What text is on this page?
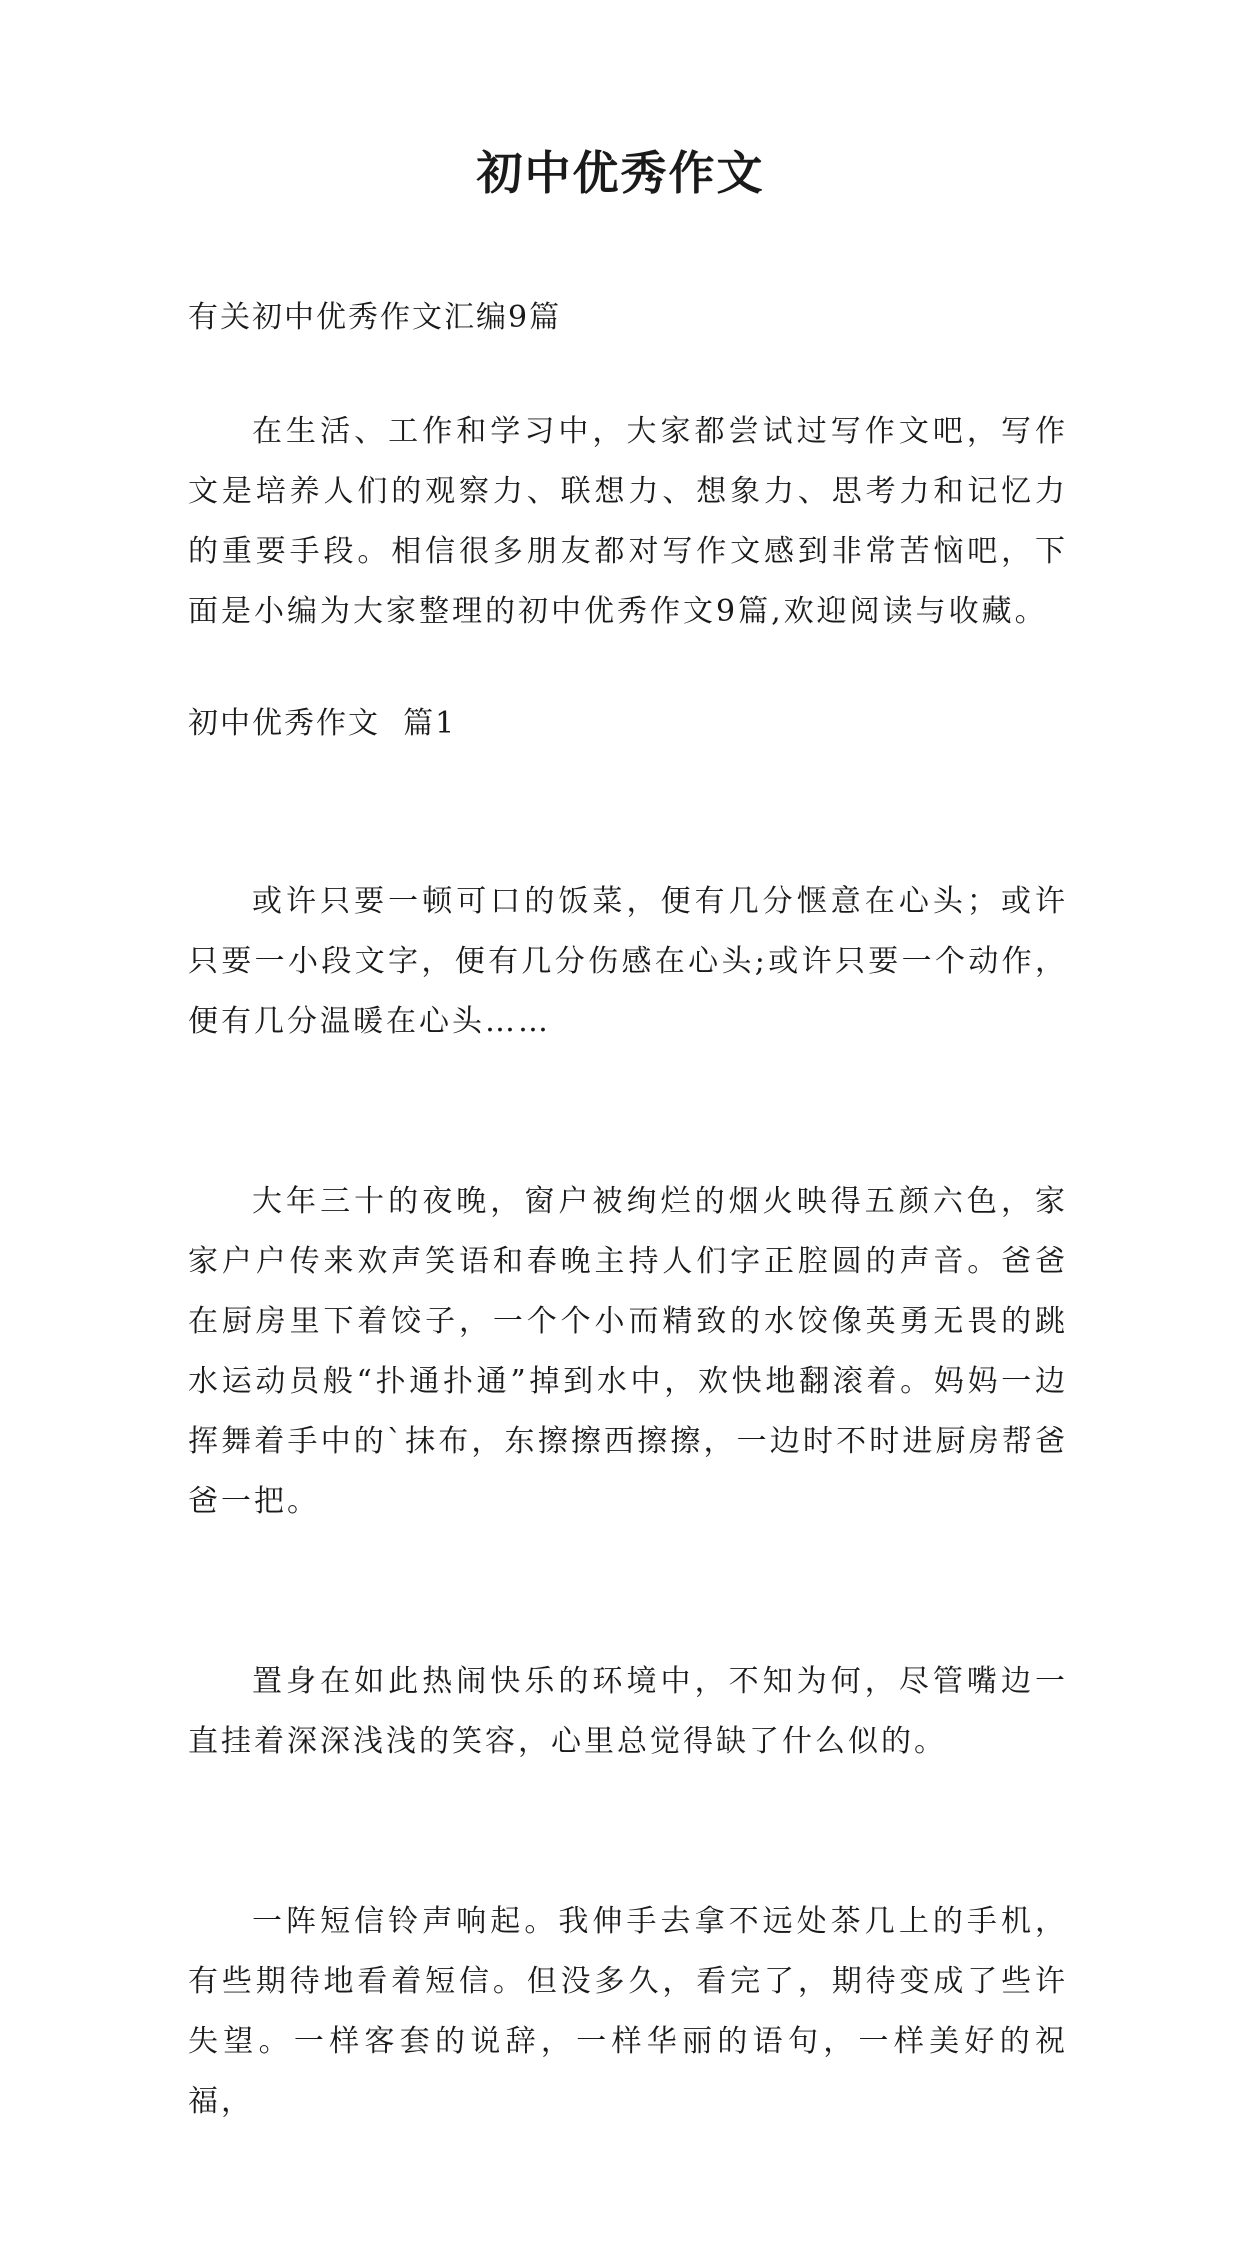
初中优秀作文
有关初中优秀作文汇编9篇
在生活、工作和学习中，大家都尝试过写作文吧，写作文是培养人们的观察力、联想力、想象力、思考力和记忆力的重要手段。相信很多朋友都对写作文感到非常苦恼吧，下面是小编为大家整理的初中优秀作文9篇,欢迎阅读与收藏。
初中优秀作文  篇1

或许只要一顿可口的饭菜，便有几分惬意在心头；或许只要一小段文字，便有几分伤感在心头;或许只要一个动作，便有几分温暖在心头……

大年三十的夜晚，窗户被绚烂的烟火映得五颜六色，家家户户传来欢声笑语和春晚主持人们字正腔圆的声音。爸爸在厨房里下着饺子，一个个小而精致的水饺像英勇无畏的跳水运动员般“扑通扑通”掉到水中，欢快地翻滚着。妈妈一边挥舞着手中的`抹布，东擦擦西擦擦，一边时不时进厨房帮爸爸一把。

置身在如此热闹快乐的环境中，不知为何，尽管嘴边一直挂着深深浅浅的笑容，心里总觉得缺了什么似的。

一阵短信铃声响起。我伸手去拿不远处茶几上的手机，有些期待地看着短信。但没多久，看完了，期待变成了些许失望。一样客套的说辞，一样华丽的语句，一样美好的祝福，
